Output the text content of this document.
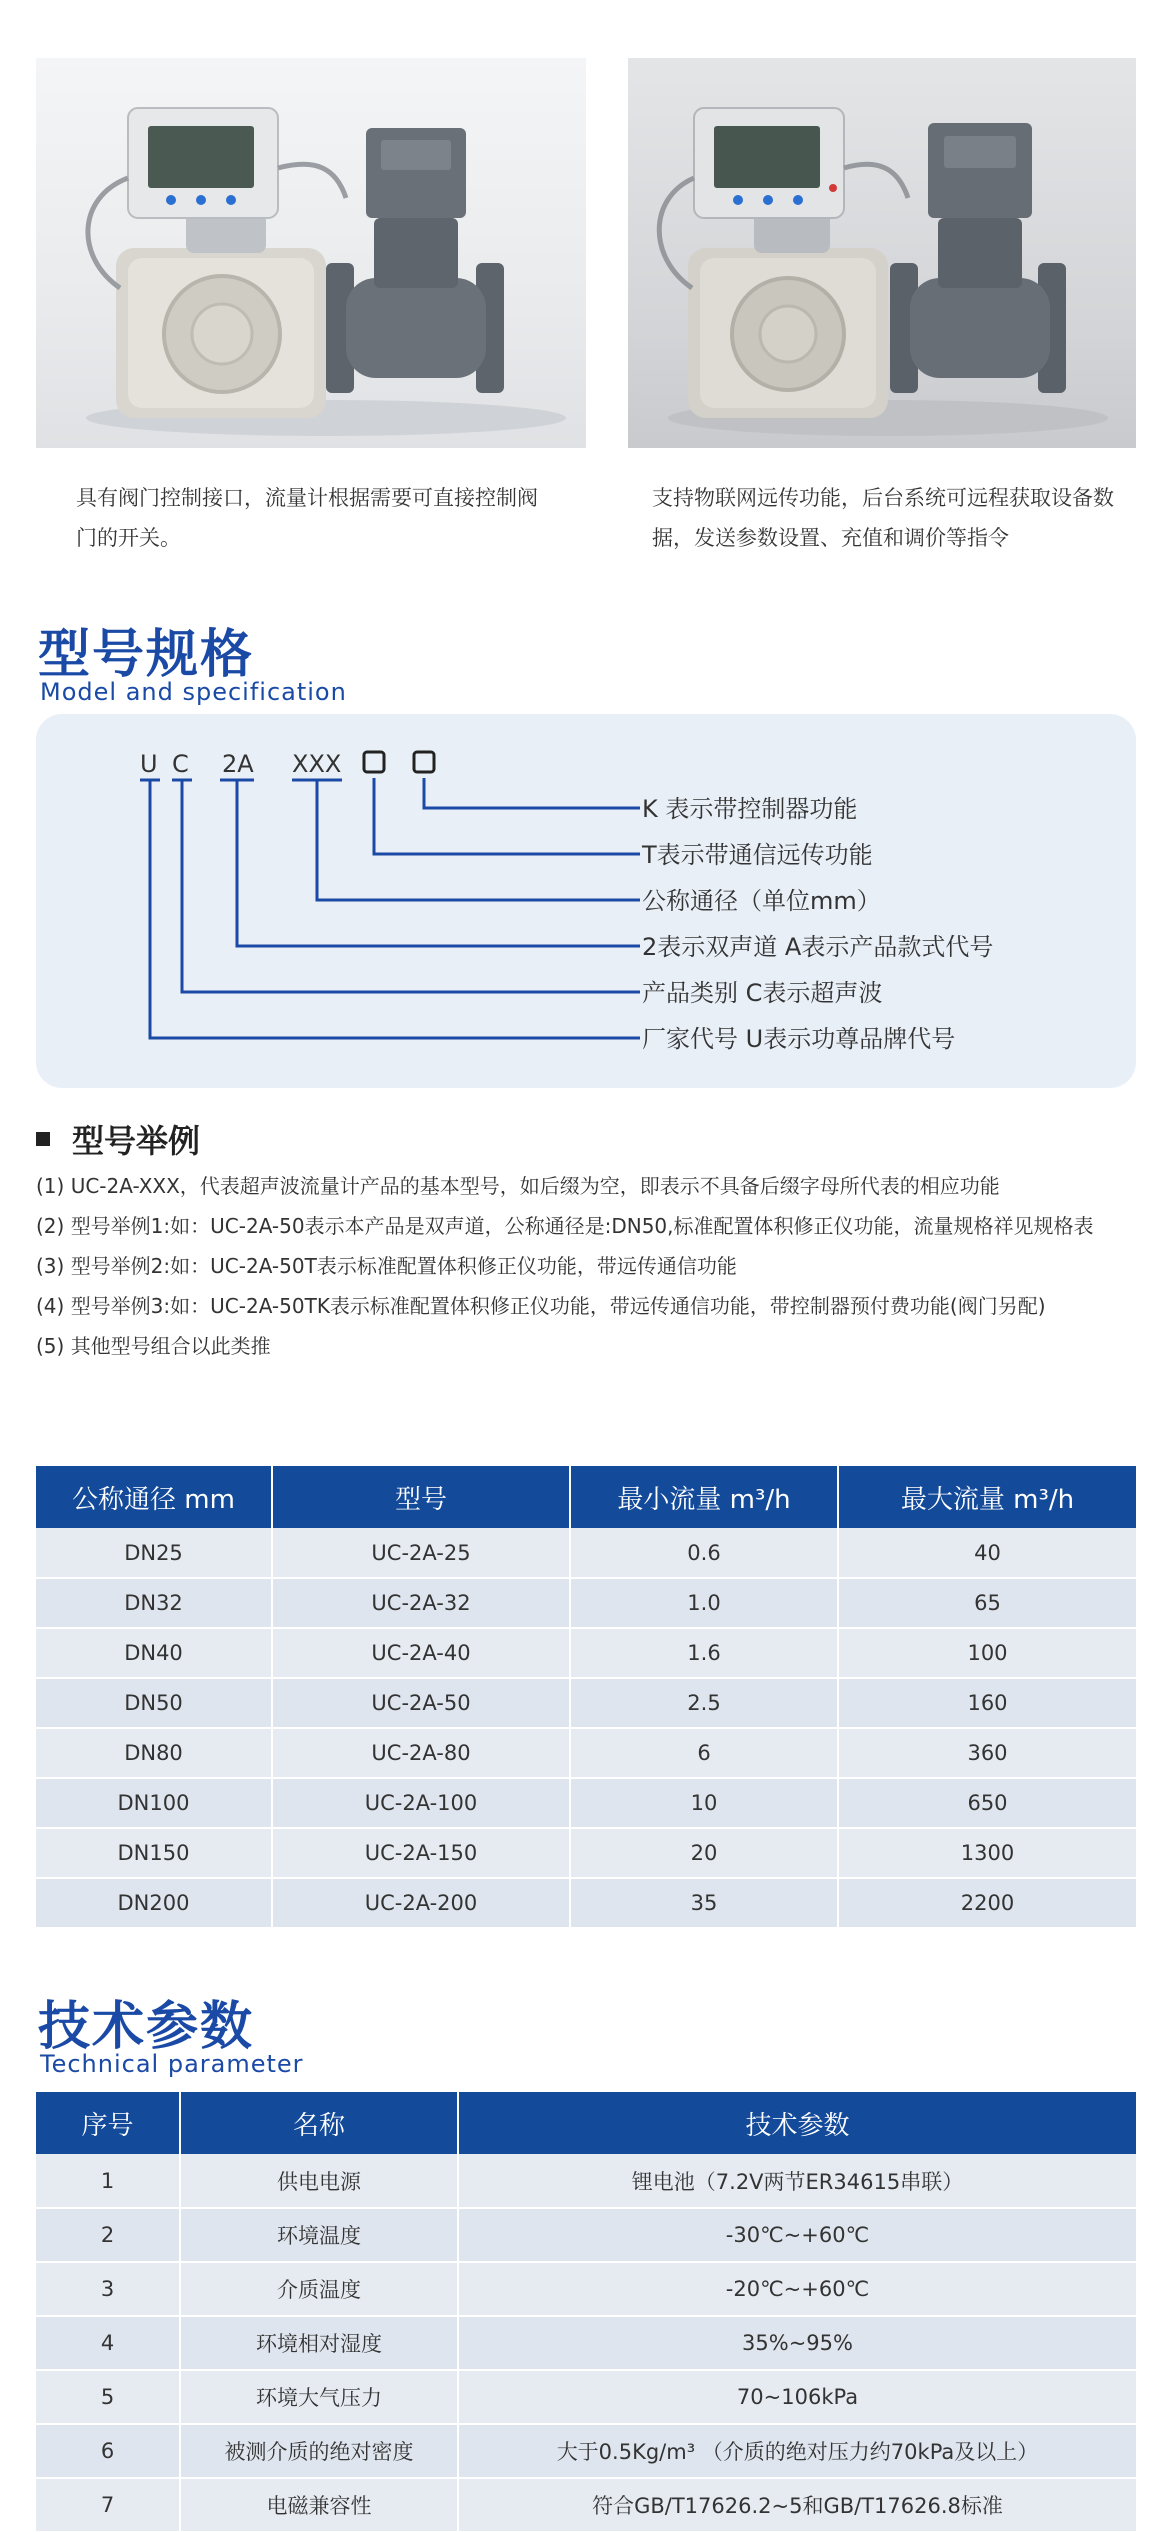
具有阀门控制接口，流量计根据需要可直接控制阀门的开关。

支持物联网远传功能，后台系统可远程获取设备数据，发送参数设置、充值和调价等指令

型号规格
Model and specification
U C 2A XXX
K 表示带控制器功能
T表示带通信远传功能
公称通径（单位mm）
2表示双声道 A表示产品款式代号
产品类别 C表示超声波
厂家代号 U表示功尊品牌代号
型号举例

(1) UC-2A-XXX，代表超声波流量计产品的基本型号，如后缀为空，即表示不具备后缀字母所代表的相应功能

(2) 型号举例1:如：UC-2A-50表示本产品是双声道，公称通径是:DN50,标准配置体积修正仪功能，流量规格祥见规格表

(3) 型号举例2:如：UC-2A-50T表示标准配置体积修正仪功能，带远传通信功能

(4) 型号举例3:如：UC-2A-50TK表示标准配置体积修正仪功能，带远传通信功能，带控制器预付费功能(阀门另配)

(5) 其他型号组合以此类推

公称通径 mm	型号	最小流量 m³/h	最大流量 m³/h
DN25	UC-2A-25	0.6	40
DN32	UC-2A-32	1.0	65
DN40	UC-2A-40	1.6	100
DN50	UC-2A-50	2.5	160
DN80	UC-2A-80	6	360
DN100	UC-2A-100	10	650
DN150	UC-2A-150	20	1300
DN200	UC-2A-200	35	2200
技术参数
Technical parameter
序号	名称	技术参数
1	供电电源	锂电池（7.2V两节ER34615串联）
2	环境温度	-30℃~+60℃
3	介质温度	-20℃~+60℃
4	环境相对湿度	35%~95%
5	环境大气压力	70~106kPa
6	被测介质的绝对密度	大于0.5Kg/m³ （介质的绝对压力约70kPa及以上）
7	电磁兼容性	符合GB/T17626.2~5和GB/T17626.8标准
